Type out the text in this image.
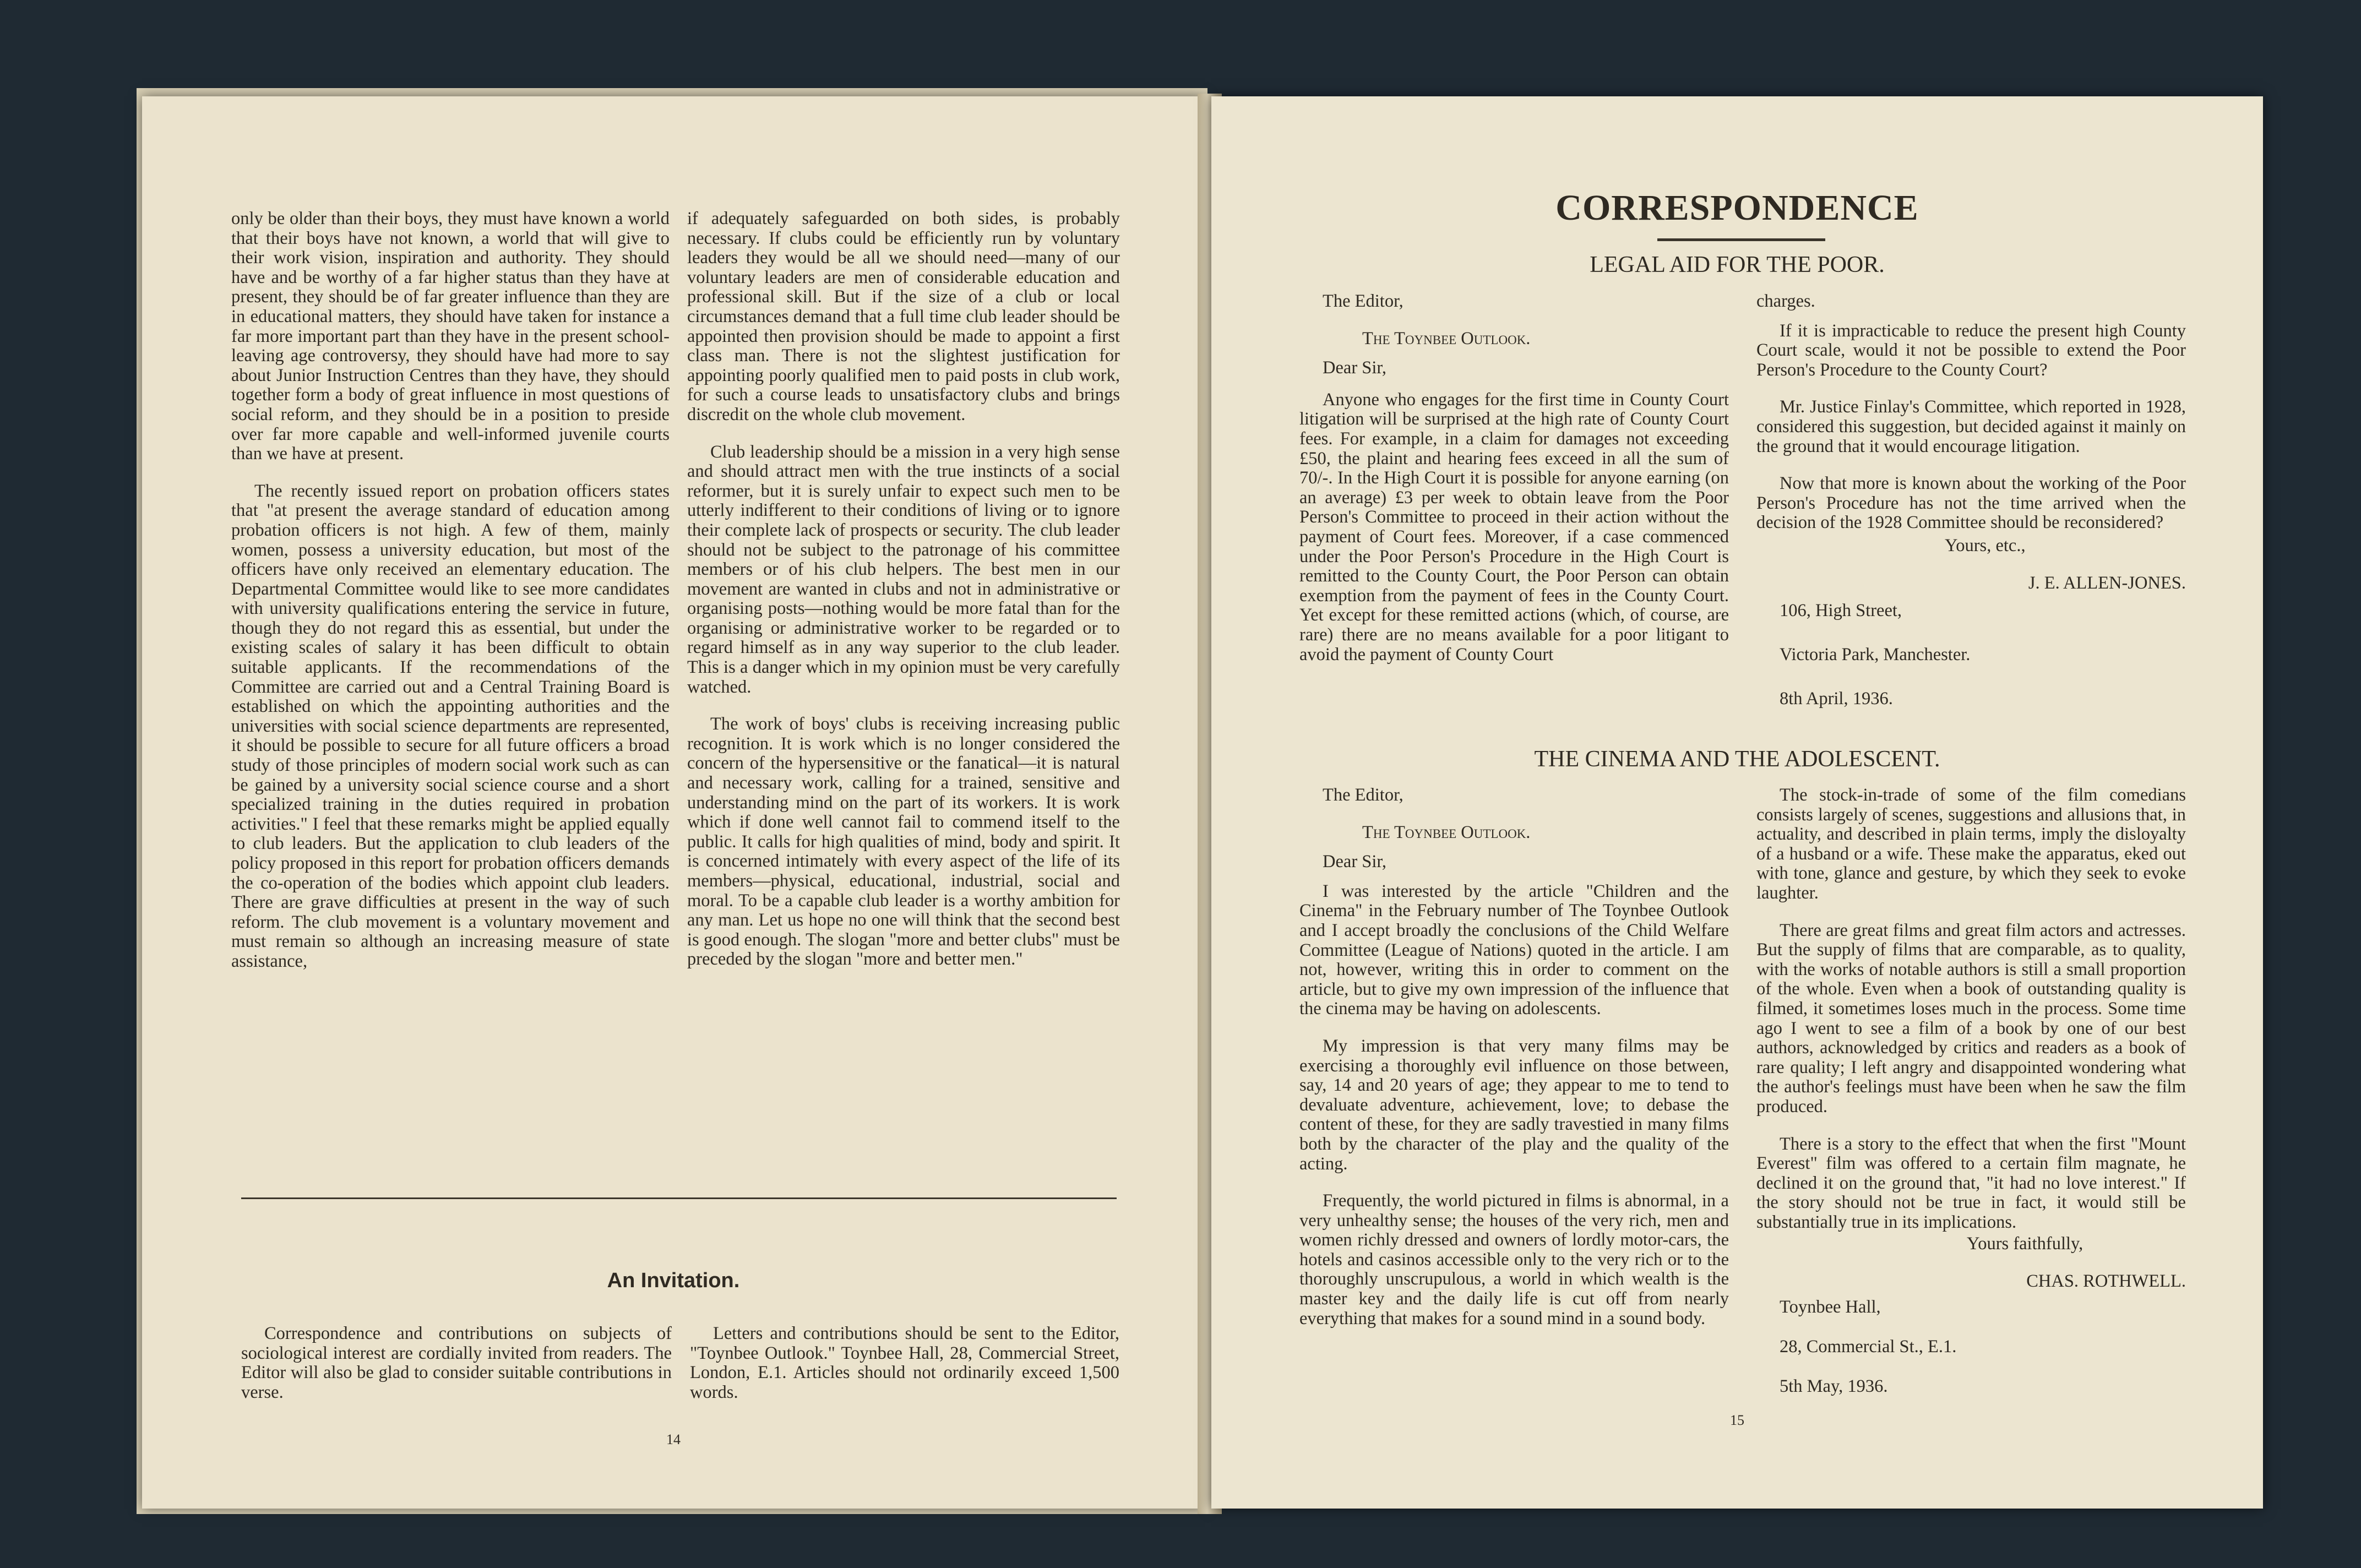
only be older than their boys, they must have known a world that their boys have not known, a world that will give to their work vision, inspiration and authority. They should have and be worthy of a far higher status than they have at present, they should be of far greater influence than they are in educational matters, they should have taken for instance a far more important part than they have in the present school-leaving age controversy, they should have had more to say about Junior Instruction Centres than they have, they should together form a body of great influence in most questions of social reform, and they should be in a position to preside over far more capable and well-informed juvenile courts than we have at present.

The recently issued report on probation officers states that "at present the average standard of education among probation officers is not high. A few of them, mainly women, possess a university education, but most of the officers have only received an elementary education. The Departmental Committee would like to see more candidates with university qualifications entering the service in future, though they do not regard this as essential, but under the existing scales of salary it has been difficult to obtain suitable applicants. If the recommendations of the Committee are carried out and a Central Training Board is established on which the appointing authorities and the universities with social science departments are represented, it should be possible to secure for all future officers a broad study of those principles of modern social work such as can be gained by a university social science course and a short specialized training in the duties required in probation activities." I feel that these remarks might be applied equally to club leaders. But the application to club leaders of the policy proposed in this report for probation officers demands the co-operation of the bodies which appoint club leaders. There are grave difficulties at present in the way of such reform. The club movement is a voluntary movement and must remain so although an increasing measure of state assistance,

if adequately safeguarded on both sides, is probably necessary. If clubs could be efficiently run by voluntary leaders they would be all we should need—many of our voluntary leaders are men of considerable education and professional skill. But if the size of a club or local circumstances demand that a full time club leader should be appointed then provision should be made to appoint a first class man. There is not the slightest justification for appointing poorly qualified men to paid posts in club work, for such a course leads to unsatisfactory clubs and brings discredit on the whole club movement.

Club leadership should be a mission in a very high sense and should attract men with the true instincts of a social reformer, but it is surely unfair to expect such men to be utterly indifferent to their conditions of living or to ignore their complete lack of prospects or security. The club leader should not be subject to the patronage of his committee members or of his club helpers. The best men in our movement are wanted in clubs and not in administrative or organising posts—nothing would be more fatal than for the organising or administrative worker to be regarded or to regard himself as in any way superior to the club leader. This is a danger which in my opinion must be very carefully watched.

The work of boys' clubs is receiving increasing public recognition. It is work which is no longer considered the concern of the hypersensitive or the fanatical—it is natural and necessary work, calling for a trained, sensitive and understanding mind on the part of its workers. It is work which if done well cannot fail to commend itself to the public. It calls for high qualities of mind, body and spirit. It is concerned intimately with every aspect of the life of its members—physical, educational, industrial, social and moral. To be a capable club leader is a worthy ambition for any man. Let us hope no one will think that the second best is good enough. The slogan "more and better clubs" must be preceded by the slogan "more and better men."

An Invitation.

Correspondence and contributions on subjects of sociological interest are cordially invited from readers. The Editor will also be glad to consider suitable contributions in verse.

Letters and contributions should be sent to the Editor, "Toynbee Outlook." Toynbee Hall, 28, Commercial Street, London, E.1. Articles should not ordinarily exceed 1,500 words.

14
CORRESPONDENCE
LEGAL AID FOR THE POOR.

The Editor,

The Toynbee Outlook.

Dear Sir,

Anyone who engages for the first time in County Court litigation will be surprised at the high rate of County Court fees. For example, in a claim for damages not exceeding £50, the plaint and hearing fees exceed in all the sum of 70/-. In the High Court it is possible for anyone earning (on an average) £3 per week to obtain leave from the Poor Person's Committee to proceed in their action without the payment of Court fees. Moreover, if a case commenced under the Poor Person's Procedure in the High Court is remitted to the County Court, the Poor Person can obtain exemption from the payment of fees in the County Court. Yet except for these remitted actions (which, of course, are rare) there are no means available for a poor litigant to avoid the payment of County Court

charges.

If it is impracticable to reduce the present high County Court scale, would it not be possible to extend the Poor Person's Procedure to the County Court?

Mr. Justice Finlay's Committee, which reported in 1928, considered this suggestion, but decided against it mainly on the ground that it would encourage litigation.

Now that more is known about the working of the Poor Person's Procedure has not the time arrived when the decision of the 1928 Committee should be reconsidered?

Yours, etc.,

J. E. ALLEN-JONES.

106, High Street,

Victoria Park, Manchester.

8th April, 1936.

THE CINEMA AND THE ADOLESCENT.

The Editor,

The Toynbee Outlook.

Dear Sir,

I was interested by the article "Children and the Cinema" in the February number of The Toynbee Outlook and I accept broadly the conclusions of the Child Welfare Committee (League of Nations) quoted in the article. I am not, however, writing this in order to comment on the article, but to give my own impression of the influence that the cinema may be having on adolescents.

My impression is that very many films may be exercising a thoroughly evil influence on those between, say, 14 and 20 years of age; they appear to me to tend to devaluate adventure, achievement, love; to debase the content of these, for they are sadly travestied in many films both by the character of the play and the quality of the acting.

Frequently, the world pictured in films is abnormal, in a very unhealthy sense; the houses of the very rich, men and women richly dressed and owners of lordly motor-cars, the hotels and casinos accessible only to the very rich or to the thoroughly unscrupulous, a world in which wealth is the master key and the daily life is cut off from nearly everything that makes for a sound mind in a sound body.

The stock-in-trade of some of the film comedians consists largely of scenes, suggestions and allusions that, in actuality, and described in plain terms, imply the disloyalty of a husband or a wife. These make the apparatus, eked out with tone, glance and gesture, by which they seek to evoke laughter.

There are great films and great film actors and actresses. But the supply of films that are comparable, as to quality, with the works of notable authors is still a small proportion of the whole. Even when a book of outstanding quality is filmed, it sometimes loses much in the process. Some time ago I went to see a film of a book by one of our best authors, acknowledged by critics and readers as a book of rare quality; I left angry and disappointed wondering what the author's feelings must have been when he saw the film produced.

There is a story to the effect that when the first "Mount Everest" film was offered to a certain film magnate, he declined it on the ground that, "it had no love interest." If the story should not be true in fact, it would still be substantially true in its implications.

Yours faithfully,

CHAS. ROTHWELL.

Toynbee Hall,

28, Commercial St., E.1.

5th May, 1936.

15
